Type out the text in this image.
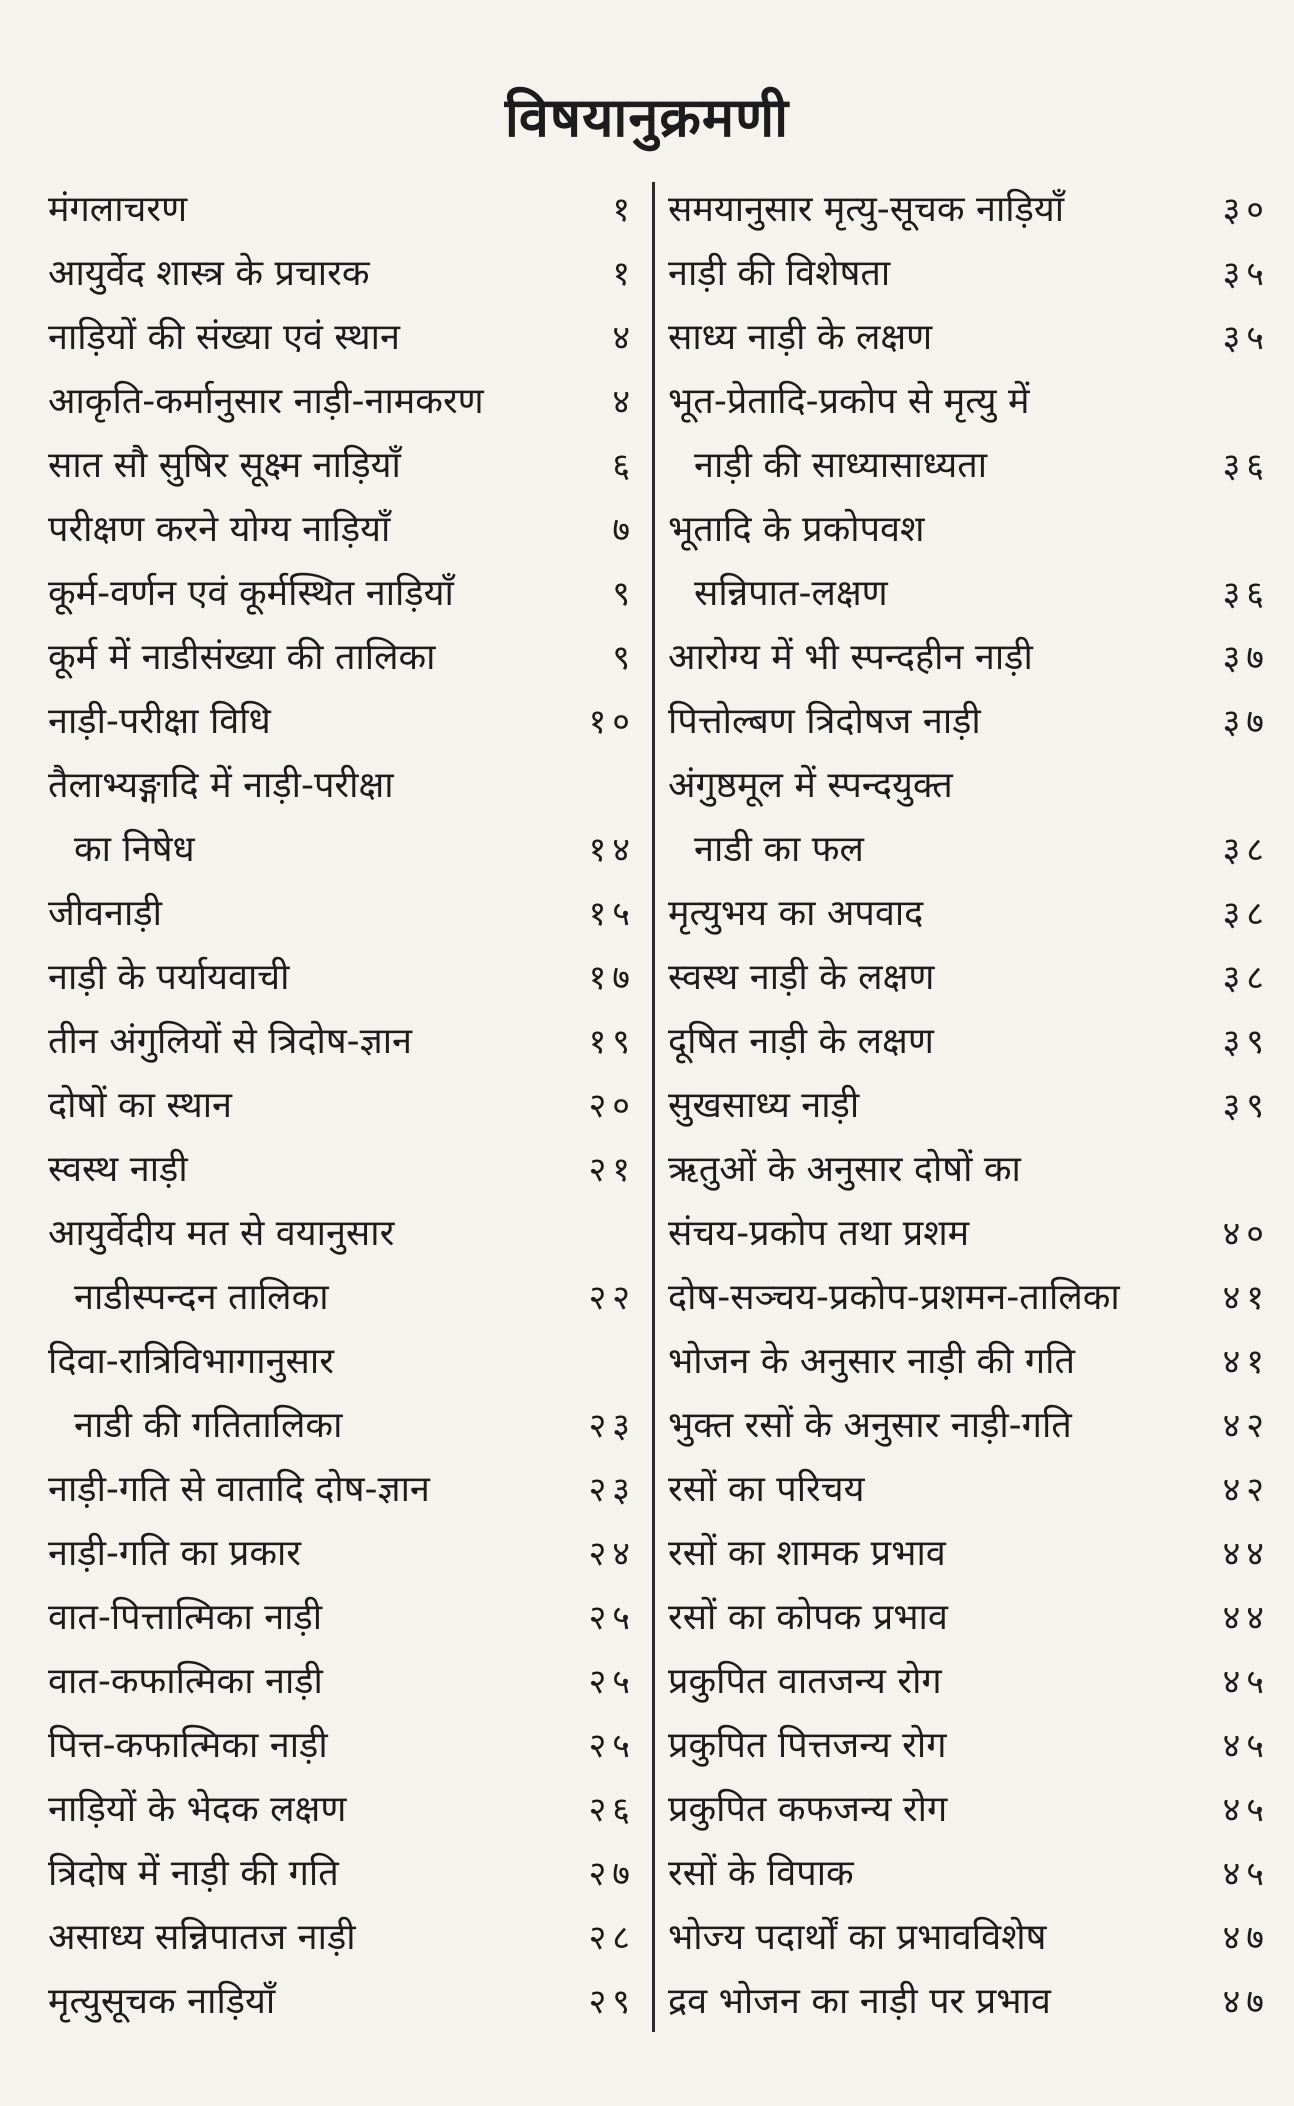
विषयानुक्रमणी
मंगलाचरण	१
आयुर्वेद शास्त्र के प्रचारक	१
नाड़ियों की संख्या एवं स्थान	४
आकृति-कर्मानुसार नाड़ी-नामकरण	४
सात सौ सुषिर सूक्ष्म नाड़ियाँ	६
परीक्षण करने योग्य नाड़ियाँ	७
कूर्म-वर्णन एवं कूर्मस्थित नाड़ियाँ	९
कूर्म में नाडीसंख्या की तालिका	९
नाड़ी-परीक्षा विधि	१०
तैलाभ्यङ्गादि में नाड़ी-परीक्षा
का निषेध	१४
जीवनाड़ी	१५
नाड़ी के पर्यायवाची	१७
तीन अंगुलियों से त्रिदोष-ज्ञान	१९
दोषों का स्थान	२०
स्वस्थ नाड़ी	२१
आयुर्वेदीय मत से वयानुसार
नाडीस्पन्दन तालिका	२२
दिवा-रात्रिविभागानुसार
नाडी की गतितालिका	२३
नाड़ी-गति से वातादि दोष-ज्ञान	२३
नाड़ी-गति का प्रकार	२४
वात-पित्तात्मिका नाड़ी	२५
वात-कफात्मिका नाड़ी	२५
पित्त-कफात्मिका नाड़ी	२५
नाड़ियों के भेदक लक्षण	२६
त्रिदोष में नाड़ी की गति	२७
असाध्य सन्निपातज नाड़ी	२८
मृत्युसूचक नाड़ियाँ	२९
समयानुसार मृत्यु-सूचक नाड़ियाँ	३०
नाड़ी की विशेषता	३५
साध्य नाड़ी के लक्षण	३५
भूत-प्रेतादि-प्रकोप से मृत्यु में
नाड़ी की साध्यासाध्यता	३६
भूतादि के प्रकोपवश
सन्निपात-लक्षण	३६
आरोग्य में भी स्पन्दहीन नाड़ी	३७
पित्तोल्बण त्रिदोषज नाड़ी	३७
अंगुष्ठमूल में स्पन्दयुक्त
नाडी का फल	३८
मृत्युभय का अपवाद	३८
स्वस्थ नाड़ी के लक्षण	३८
दूषित नाड़ी के लक्षण	३९
सुखसाध्य नाड़ी	३९
ऋतुओं के अनुसार दोषों का
संचय-प्रकोप तथा प्रशम	४०
दोष-सञ्चय-प्रकोप-प्रशमन-तालिका	४१
भोजन के अनुसार नाड़ी की गति	४१
भुक्त रसों के अनुसार नाड़ी-गति	४२
रसों का परिचय	४२
रसों का शामक प्रभाव	४४
रसों का कोपक प्रभाव	४४
प्रकुपित वातजन्य रोग	४५
प्रकुपित पित्तजन्य रोग	४५
प्रकुपित कफजन्य रोग	४५
रसों के विपाक	४५
भोज्य पदार्थों का प्रभावविशेष	४७
द्रव भोजन का नाड़ी पर प्रभाव	४७
